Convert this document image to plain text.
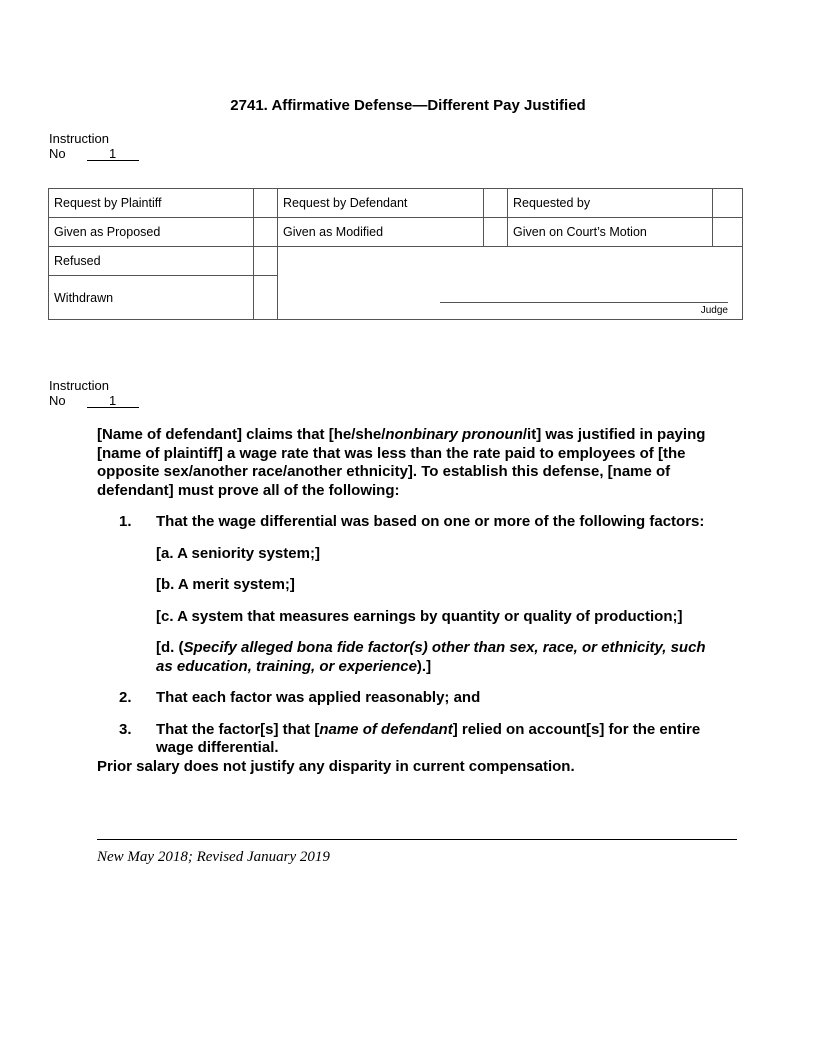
2741. Affirmative Defense—Different Pay Justified
Instruction
No	1
Request by Plaintiff		Request by Defendant		Requested by	
Given as Proposed		Given as Modified		Given on Court’s Motion	
Refused		Judge			

Withdrawn					
Instruction
No	1

[Name of defendant] claims that [he/she/nonbinary pronoun/it] was justified in paying [name of plaintiff] a wage rate that was less than the rate paid to employees of [the opposite sex/another race/another ethnicity]. To establish this defense, [name of defendant] must prove all of the following:

1. That the wage differential was based on one or more of the following factors:
[a. A seniority system;]
[b. A merit system;]
[c. A system that measures earnings by quantity or quality of production;]
[d. (Specify alleged bona fide factor(s) other than sex, race, or ethnicity, such as education, training, or experience).]
2. That each factor was applied reasonably; and
3. That the factor[s] that [name of defendant] relied on account[s] for the entire wage differential.

Prior salary does not justify any disparity in current compensation.

New May 2018; Revised January 2019
